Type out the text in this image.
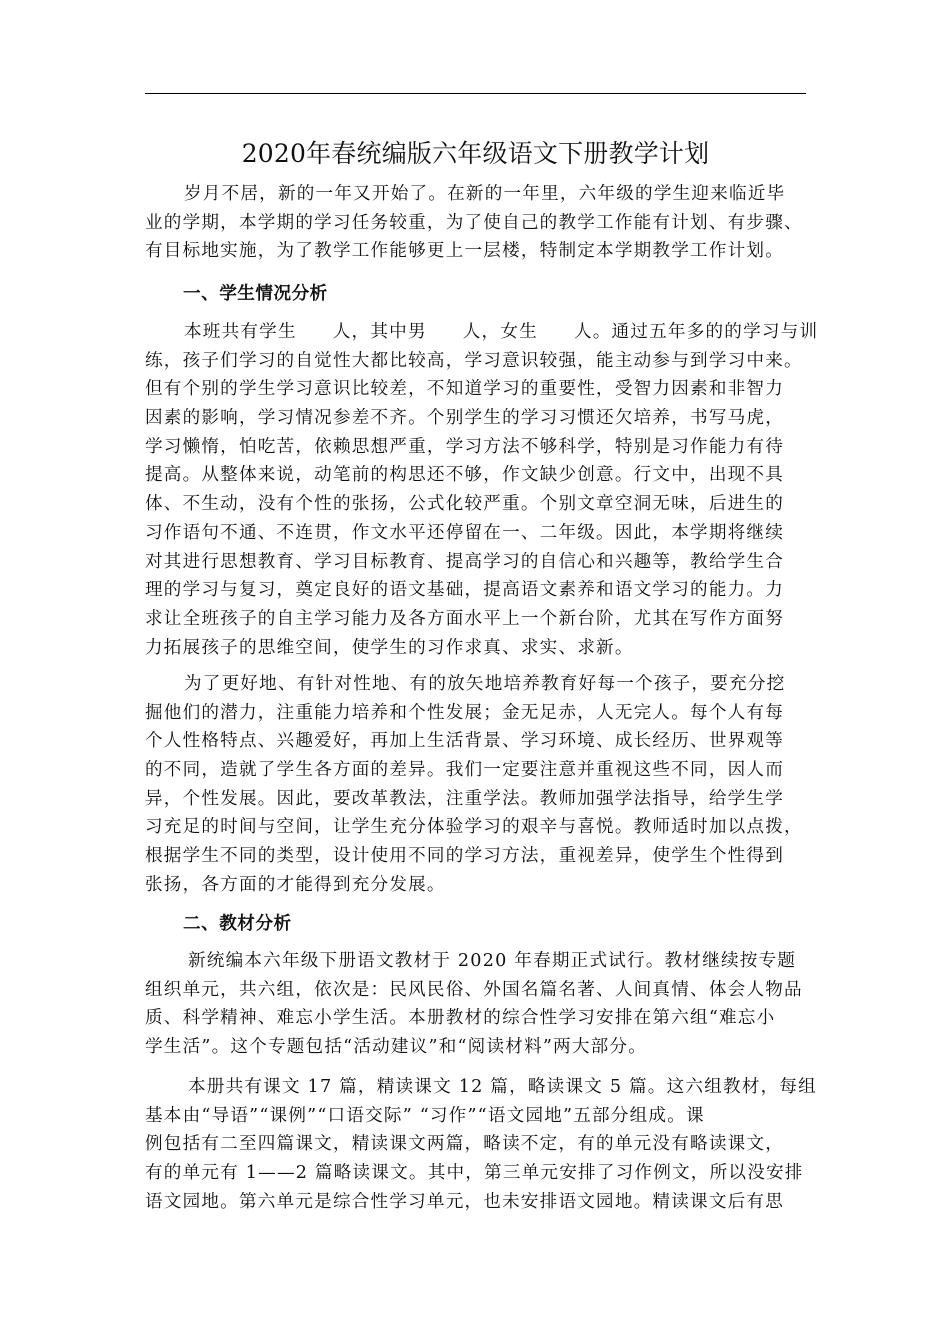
2020年春统编版六年级语文下册教学计划
岁月不居，新的一年又开始了。在新的一年里，六年级的学生迎来临近毕
业的学期，本学期的学习任务较重，为了使自己的教学工作能有计划、有步骤、
有目标地实施，为了教学工作能够更上一层楼，特制定本学期教学工作计划。
一、学生情况分析
本班共有学生 人，其中男 人，女生 人。通过五年多的的学习与训
练，孩子们学习的自觉性大都比较高，学习意识较强，能主动参与到学习中来。
但有个别的学生学习意识比较差，不知道学习的重要性，受智力因素和非智力
因素的影响，学习情况参差不齐。个别学生的学习习惯还欠培养，书写马虎，
学习懒惰，怕吃苦，依赖思想严重，学习方法不够科学，特别是习作能力有待
提高。从整体来说，动笔前的构思还不够，作文缺少创意。行文中，出现不具
体、不生动，没有个性的张扬，公式化较严重。个别文章空洞无味，后进生的
习作语句不通、不连贯，作文水平还停留在一、二年级。因此，本学期将继续
对其进行思想教育、学习目标教育、提高学习的自信心和兴趣等，教给学生合
理的学习与复习，奠定良好的语文基础，提高语文素养和语文学习的能力。力
求让全班孩子的自主学习能力及各方面水平上一个新台阶，尤其在写作方面努
力拓展孩子的思维空间，使学生的习作求真、求实、求新。
为了更好地、有针对性地、有的放矢地培养教育好每一个孩子，要充分挖
掘他们的潜力，注重能力培养和个性发展；金无足赤，人无完人。每个人有每
个人性格特点、兴趣爱好，再加上生活背景、学习环境、成长经历、世界观等
的不同，造就了学生各方面的差异。我们一定要注意并重视这些不同，因人而
异，个性发展。因此，要改革教法，注重学法。教师加强学法指导，给学生学
习充足的时间与空间，让学生充分体验学习的艰辛与喜悦。教师适时加以点拨，
根据学生不同的类型，设计使用不同的学习方法，重视差异，使学生个性得到
张扬，各方面的才能得到充分发展。
二、教材分析
新统编本六年级下册语文教材于 2020 年春期正式试行。教材继续按专题
组织单元，共六组，依次是：民风民俗、外国名篇名著、人间真情、体会人物品
质、科学精神、难忘小学生活。本册教材的综合性学习安排在第六组“难忘小
学生活”。这个专题包括“活动建议”和“阅读材料”两大部分。
本册共有课文 17 篇，精读课文 12 篇，略读课文 5 篇。这六组教材，每组
基本由“导语”“课例”“口语交际” “习作”“语文园地”五部分组成。课
例包括有二至四篇课文，精读课文两篇，略读不定，有的单元没有略读课文，
有的单元有 1——2 篇略读课文。其中，第三单元安排了习作例文，所以没安排
语文园地。第六单元是综合性学习单元，也未安排语文园地。精读课文后有思
